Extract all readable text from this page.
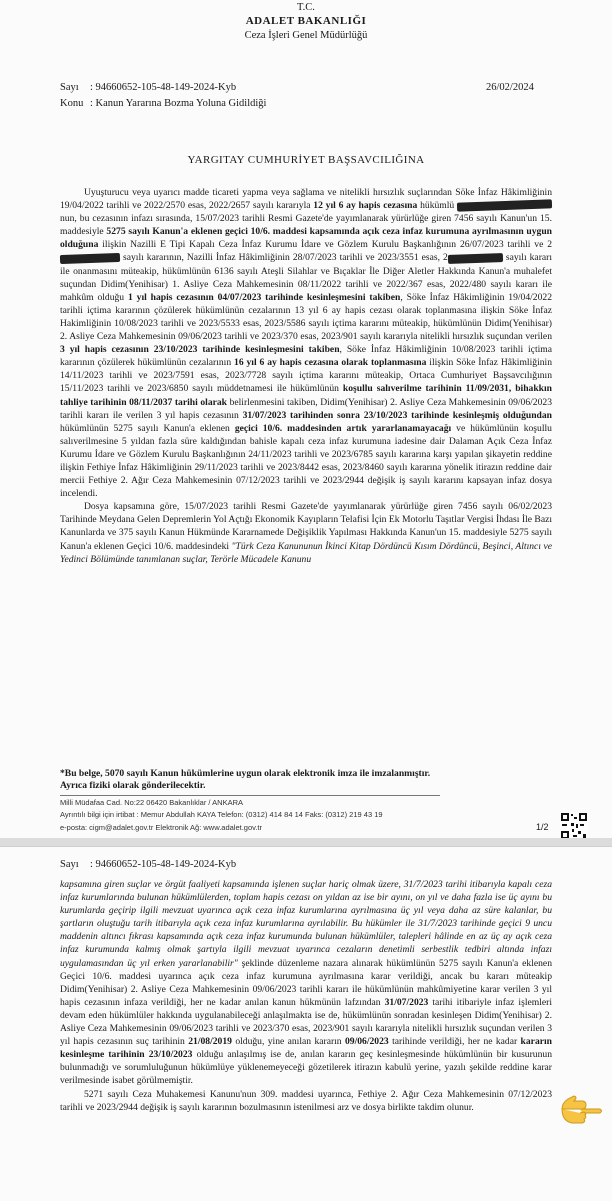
T.C.
ADALET BAKANLIĞI
Ceza İşleri Genel Müdürlüğü
Sayı : 94660652-105-48-149-2024-Kyb	26/02/2024
Konu : Kanun Yararına Bozma Yoluna Gidildiği
YARGITAY CUMHURİYET BAŞSAVCILIĞINA

Uyuşturucu veya uyarıcı madde ticareti yapma veya sağlama ve nitelikli hırsızlık suçlarından Söke İnfaz Hâkimliğinin 19/04/2022 tarihli ve 2022/2570 esas, 2022/2657 sayılı kararıyla 12 yıl 6 ay hapis cezasına hükümlü nun, bu cezasının infazı sırasında, 15/07/2023 tarihli Resmi Gazete'de yayımlanarak yürürlüğe giren 7456 sayılı Kanun'un 15. maddesiyle 5275 sayılı Kanun'a eklenen geçici 10/6. maddesi kapsamında açık ceza infaz kurumuna ayrılmasının uygun olduğuna ilişkin Nazilli E Tipi Kapalı Ceza İnfaz Kurumu İdare ve Gözlem Kurulu Başkanlığının 26/07/2023 tarihli ve 2 sayılı kararının, Nazilli İnfaz Hâkimliğinin 28/07/2023 tarihli ve 2023/3551 esas, 2	sayılı kararı ile onanmasını müteakip, hükümlünün 6136 sayılı Ateşli Silahlar ve Bıçaklar İle Diğer Aletler Hakkında Kanun'a muhalefet suçundan Didim(Yenihisar) 1. Asliye Ceza Mahkemesinin 08/11/2022 tarihli ve 2022/367 esas, 2022/480 sayılı kararı ile mahkûm olduğu 1 yıl hapis cezasının 04/07/2023 tarihinde kesinleşmesini takiben, Söke İnfaz Hâkimliğinin 19/04/2022 tarihli içtima kararının çözülerek hükümlünün cezalarının 13 yıl 6 ay hapis cezası olarak toplanmasına ilişkin Söke İnfaz Hakimliğinin 10/08/2023 tarihli ve 2023/5533 esas, 2023/5586 sayılı içtima kararını müteakip, hükümlünün Didim(Yenihisar) 2. Asliye Ceza Mahkemesinin 09/06/2023 tarihli ve 2023/370 esas, 2023/901 sayılı kararıyla nitelikli hırsızlık suçundan verilen 3 yıl hapis cezasının 23/10/2023 tarihinde kesinleşmesini takiben, Söke İnfaz Hâkimliğinin 10/08/2023 tarihli içtima kararının çözülerek hükümlünün cezalarının 16 yıl 6 ay hapis cezasına olarak toplanmasına ilişkin Söke İnfaz Hâkimliğinin 14/11/2023 tarihli ve 2023/7591 esas, 2023/7728 sayılı içtima kararını müteakip, Ortaca Cumhuriyet Başsavcılığının 15/11/2023 tarihli ve 2023/6850 sayılı müddetnamesi ile hükümlünün koşullu salıverilme tarihinin 11/09/2031, bihakkın tahliye tarihinin 08/11/2037 tarihi olarak belirlenmesini takiben, Didim(Yenihisar) 2. Asliye Ceza Mahkemesinin 09/06/2023 tarihli kararı ile verilen 3 yıl hapis cezasının 31/07/2023 tarihinden sonra 23/10/2023 tarihinde kesinleşmiş olduğundan hükümlünün 5275 sayılı Kanun'a eklenen geçici 10/6. maddesinden artık yararlanamayacağı ve hükümlünün koşullu salıverilmesine 5 yıldan fazla süre kaldığından bahisle kapalı ceza infaz kurumuna iadesine dair Dalaman Açık Ceza İnfaz Kurumu İdare ve Gözlem Kurulu Başkanlığının 24/11/2023 tarihli ve 2023/6785 sayılı kararına karşı yapılan şikayetin reddine ilişkin Fethiye İnfaz Hâkimliğinin 29/11/2023 tarihli ve 2023/8442 esas, 2023/8460 sayılı kararına yönelik itirazın reddine dair mercii Fethiye 2. Ağır Ceza Mahkemesinin 07/12/2023 tarihli ve 2023/2944 değişik iş sayılı kararını kapsayan infaz dosya incelendi.

Dosya kapsamına göre, 15/07/2023 tarihli Resmi Gazete'de yayımlanarak yürürlüğe giren 7456 sayılı 06/02/2023 Tarihinde Meydana Gelen Depremlerin Yol Açtığı Ekonomik Kayıpların Telafisi İçin Ek Motorlu Taşıtlar Vergisi İhdası İle Bazı Kanunlarda ve 375 sayılı Kanun Hükmünde Kararnamede Değişiklik Yapılması Hakkında Kanun'un 15. maddesiyle 5275 sayılı Kanun'a eklenen Geçici 10/6. maddesindeki "Türk Ceza Kanununun İkinci Kitap Dördüncü Kısım Dördüncü, Beşinci, Altıncı ve Yedinci Bölümünde tanımlanan suçlar, Terörle Mücadele Kanunu

*Bu belge, 5070 sayılı Kanun hükümlerine uygun olarak elektronik imza ile imzalanmıştır.
Ayrıca fiziki olarak gönderilecektir.
Milli Müdafaa Cad. No:22 06420 Bakanlıklar / ANKARA
Ayrıntılı bilgi için irtibat : Memur Abdullah KAYA Telefon: (0312) 414 84 14 Faks: (0312) 219 43 19
e-posta: cigm@adalet.gov.tr Elektronik Ağ: www.adalet.gov.tr	1/2
Sayı : 94660652-105-48-149-2024-Kyb

kapsamına giren suçlar ve örgüt faaliyeti kapsamında işlenen suçlar hariç olmak üzere, 31/7/2023 tarihi itibarıyla kapalı ceza infaz kurumlarında bulunan hükümlülerden, toplam hapis cezası on yıldan az ise bir ayını, on yıl ve daha fazla ise üç ayını bu kurumlarda geçirip ilgili mevzuat uyarınca açık ceza infaz kurumlarına ayrılmasına üç yıl veya daha az süre kalanlar, bu şartların oluştuğu tarih itibarıyla açık ceza infaz kurumlarına ayrılabilir. Bu hükümler ile 31/7/2023 tarihinde geçici 9 uncu maddenin altıncı fıkrası kapsamında açık ceza infaz kurumunda bulunan hükümlüler, talepleri hâlinde en az üç ay açık ceza infaz kurumunda kalmış olmak şartıyla ilgili mevzuat uyarınca cezaların denetimli serbestlik tedbiri altında infazı uygulamasından üç yıl erken yararlanabilir" şeklinde düzenleme nazara alınarak hükümlünün 5275 sayılı Kanun'a eklenen Geçici 10/6. maddesi uyarınca açık ceza infaz kurumuna ayrılmasına karar verildiği, ancak bu kararı müteakip Didim(Yenihisar) 2. Asliye Ceza Mahkemesinin 09/06/2023 tarihli kararı ile hükümlünün mahkûmiyetine karar verilen 3 yıl hapis cezasının infaza verildiği, her ne kadar anılan kanun hükmünün lafzından 31/07/2023 tarihi itibariyle infaz işlemleri devam eden hükümlüler hakkında uygulanabileceği anlaşılmakta ise de, hükümlünün sonradan kesinleşen Didim(Yenihisar) 2. Asliye Ceza Mahkemesinin 09/06/2023 tarihli ve 2023/370 esas, 2023/901 sayılı kararıyla nitelikli hırsızlık suçundan verilen 3 yıl hapis cezasının suç tarihinin 21/08/2019 olduğu, yine anılan kararın 09/06/2023 tarihinde verildiği, her ne kadar kararın kesinleşme tarihinin 23/10/2023 olduğu anlaşılmış ise de, anılan kararın geç kesinleşmesinde hükümlünün bir kusurunun bulunmadığı ve sorumluluğunun hükümlüye yüklenemeyeceği gözetilerek itirazın kabulü yerine, yazılı şekilde reddine karar verilmesinde isabet görülmemiştir.

5271 sayılı Ceza Muhakemesi Kanunu'nun 309. maddesi uyarınca, Fethiye 2. Ağır Ceza Mahkemesinin 07/12/2023 tarihli ve 2023/2944 değişik iş sayılı kararının bozulmasının istenilmesi arz ve dosya birlikte takdim olunur.
